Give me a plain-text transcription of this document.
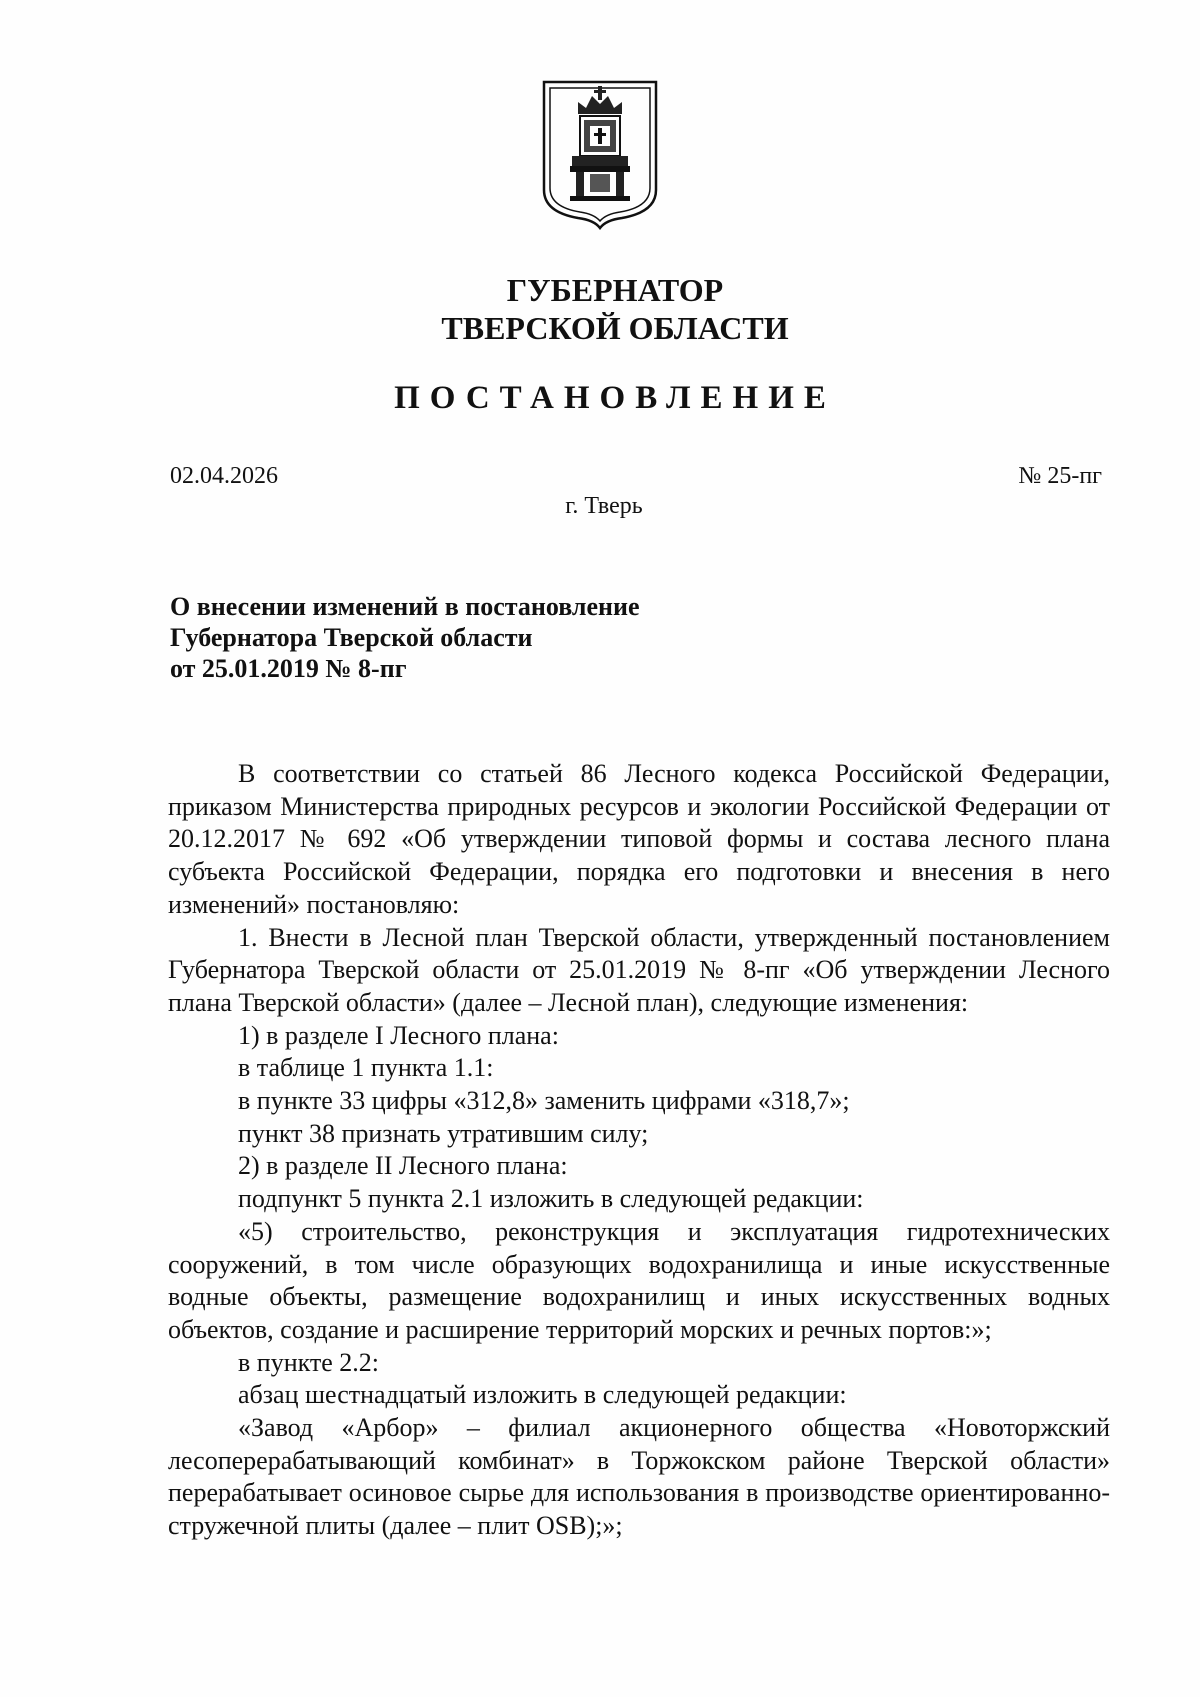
ГУБЕРНАТОР
ТВЕРСКОЙ ОБЛАСТИ
ПОСТАНОВЛЕНИЕ
02.04.2026	№ 25-пг
г. Тверь
О внесении изменений в постановление
Губернатора Тверской области
от 25.01.2019 № 8-пг

В соответствии со статьей 86 Лесного кодекса Российской Федерации, приказом Министерства природных ресурсов и экологии Российской Федерации от 20.12.2017 № 692 «Об утверждении типовой формы и состава лесного плана субъекта Российской Федерации, порядка его подготовки и внесения в него изменений» постановляю:

1. Внести в Лесной план Тверской области, утвержденный постановлением Губернатора Тверской области от 25.01.2019 № 8-пг «Об утверждении Лесного плана Тверской области» (далее – Лесной план), следующие изменения:

1) в разделе I Лесного плана:

в таблице 1 пункта 1.1:

в пункте 33 цифры «312,8» заменить цифрами «318,7»;

пункт 38 признать утратившим силу;

2) в разделе II Лесного плана:

подпункт 5 пункта 2.1 изложить в следующей редакции:

«5) строительство, реконструкция и эксплуатация гидротехнических сооружений, в том числе образующих водохранилища и иные искусственные водные объекты, размещение водохранилищ и иных искусственных водных объектов, создание и расширение территорий морских и речных портов:»;

в пункте 2.2:

абзац шестнадцатый изложить в следующей редакции:

«Завод «Арбор» – филиал акционерного общества «Новоторжский лесоперерабатывающий комбинат» в Торжокском районе Тверской области» перерабатывает осиновое сырье для использования в производстве ориентированно-стружечной плиты (далее – плит OSB);»;
